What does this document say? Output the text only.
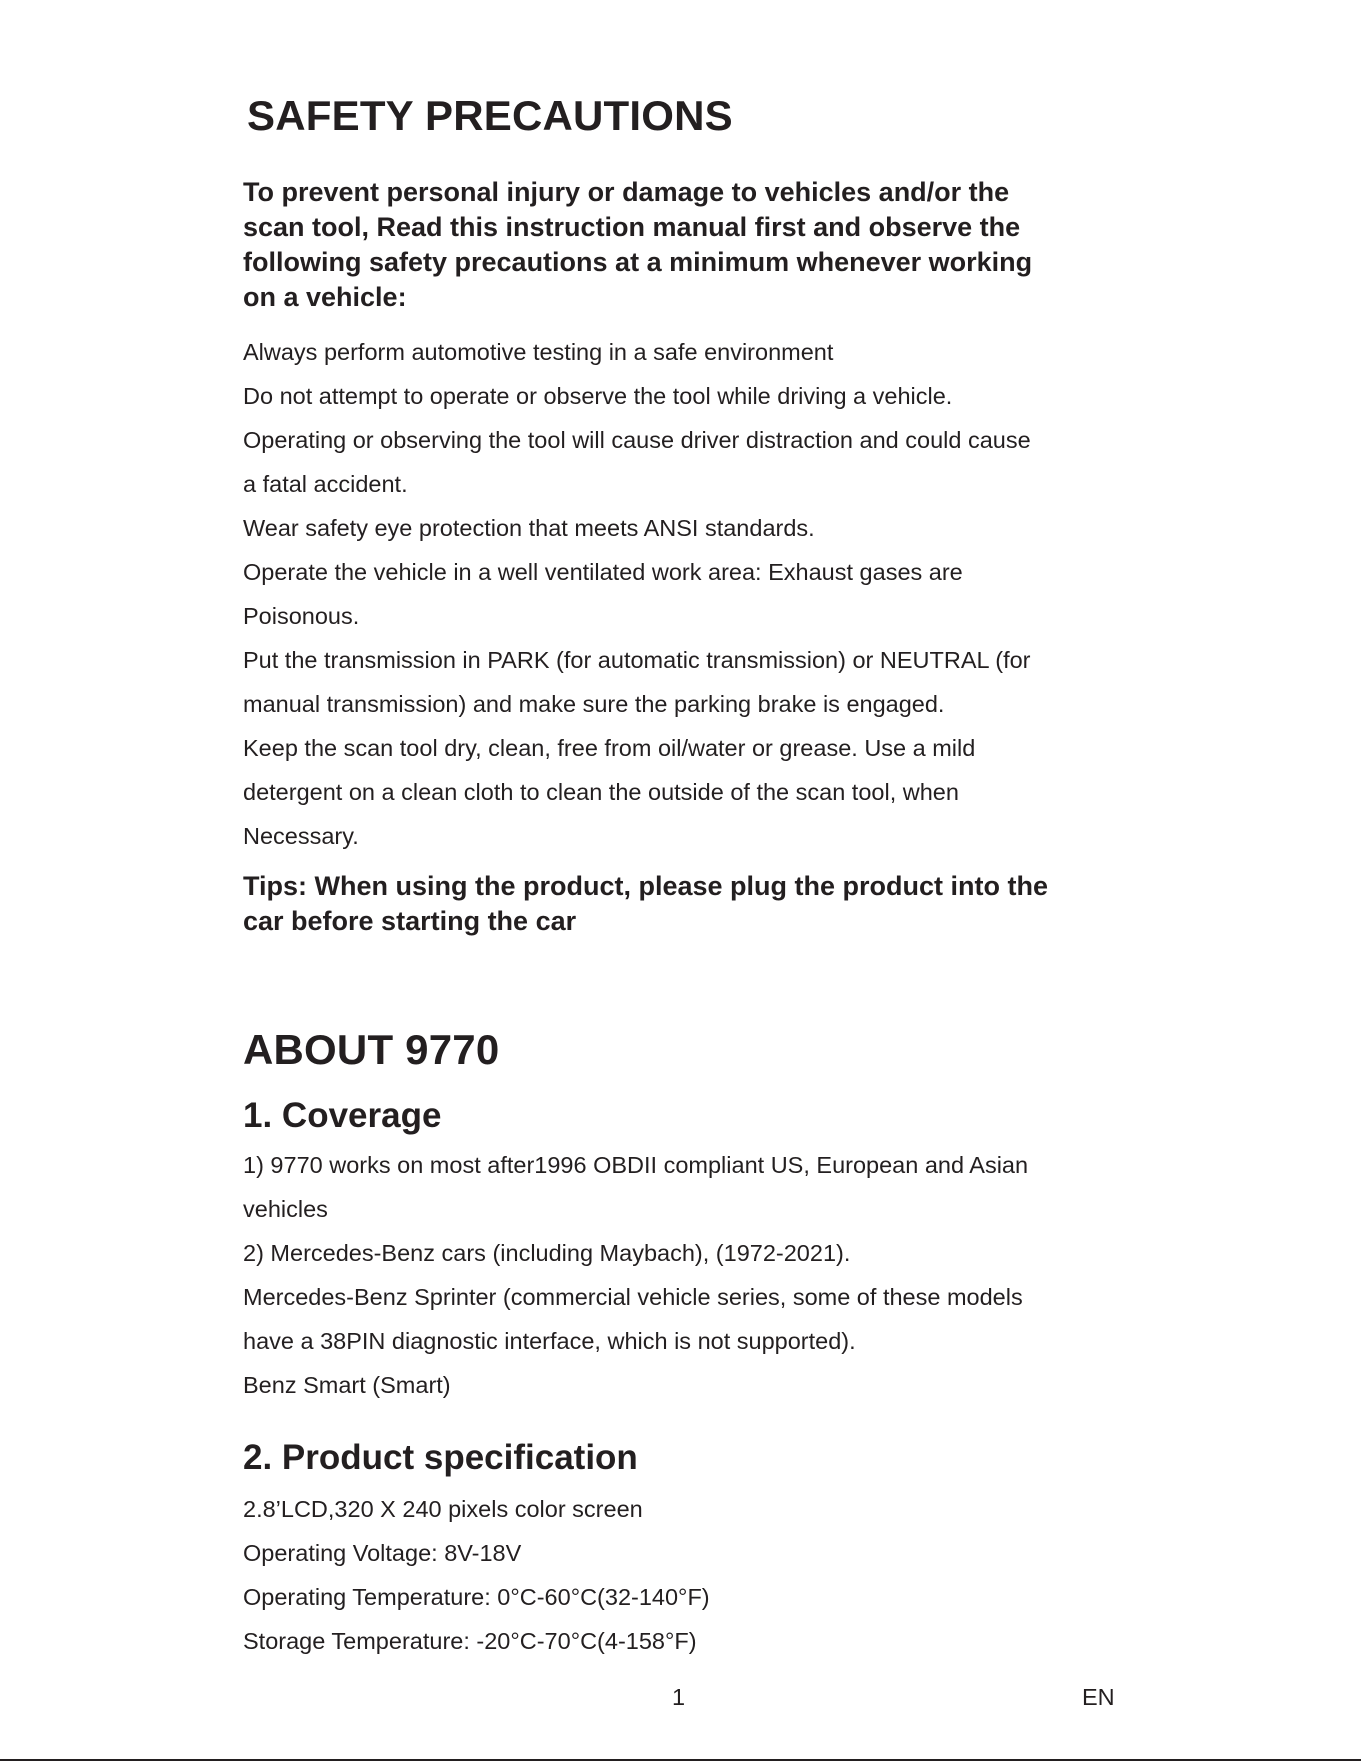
SAFETY PRECAUTIONS
To prevent personal injury or damage to vehicles and/or the
scan tool, Read this instruction manual first and observe the
following safety precautions at a minimum whenever working
on a vehicle:
Always perform automotive testing in a safe environment
Do not attempt to operate or observe the tool while driving a vehicle.
Operating or observing the tool will cause driver distraction and could cause
a fatal accident.
Wear safety eye protection that meets ANSI standards.
Operate the vehicle in a well ventilated work area: Exhaust gases are
Poisonous.
Put the transmission in PARK (for automatic transmission) or NEUTRAL (for
manual transmission) and make sure the parking brake is engaged.
Keep the scan tool dry, clean, free from oil/water or grease. Use a mild
detergent on a clean cloth to clean the outside of the scan tool, when
Necessary.
Tips: When using the product, please plug the product into the
car before starting the car
ABOUT 9770
1. Coverage
1) 9770 works on most after1996 OBDII compliant US, European and Asian
vehicles
2) Mercedes-Benz cars (including Maybach), (1972-2021).
Mercedes-Benz Sprinter (commercial vehicle series, some of these models
have a 38PIN diagnostic interface, which is not supported).
Benz Smart (Smart)
2. Product specification
2.8’LCD,320 X 240 pixels color screen
Operating Voltage: 8V-18V
Operating Temperature: 0°C-60°C(32-140°F)
Storage Temperature: -20°C-70°C(4-158°F)
1	EN
